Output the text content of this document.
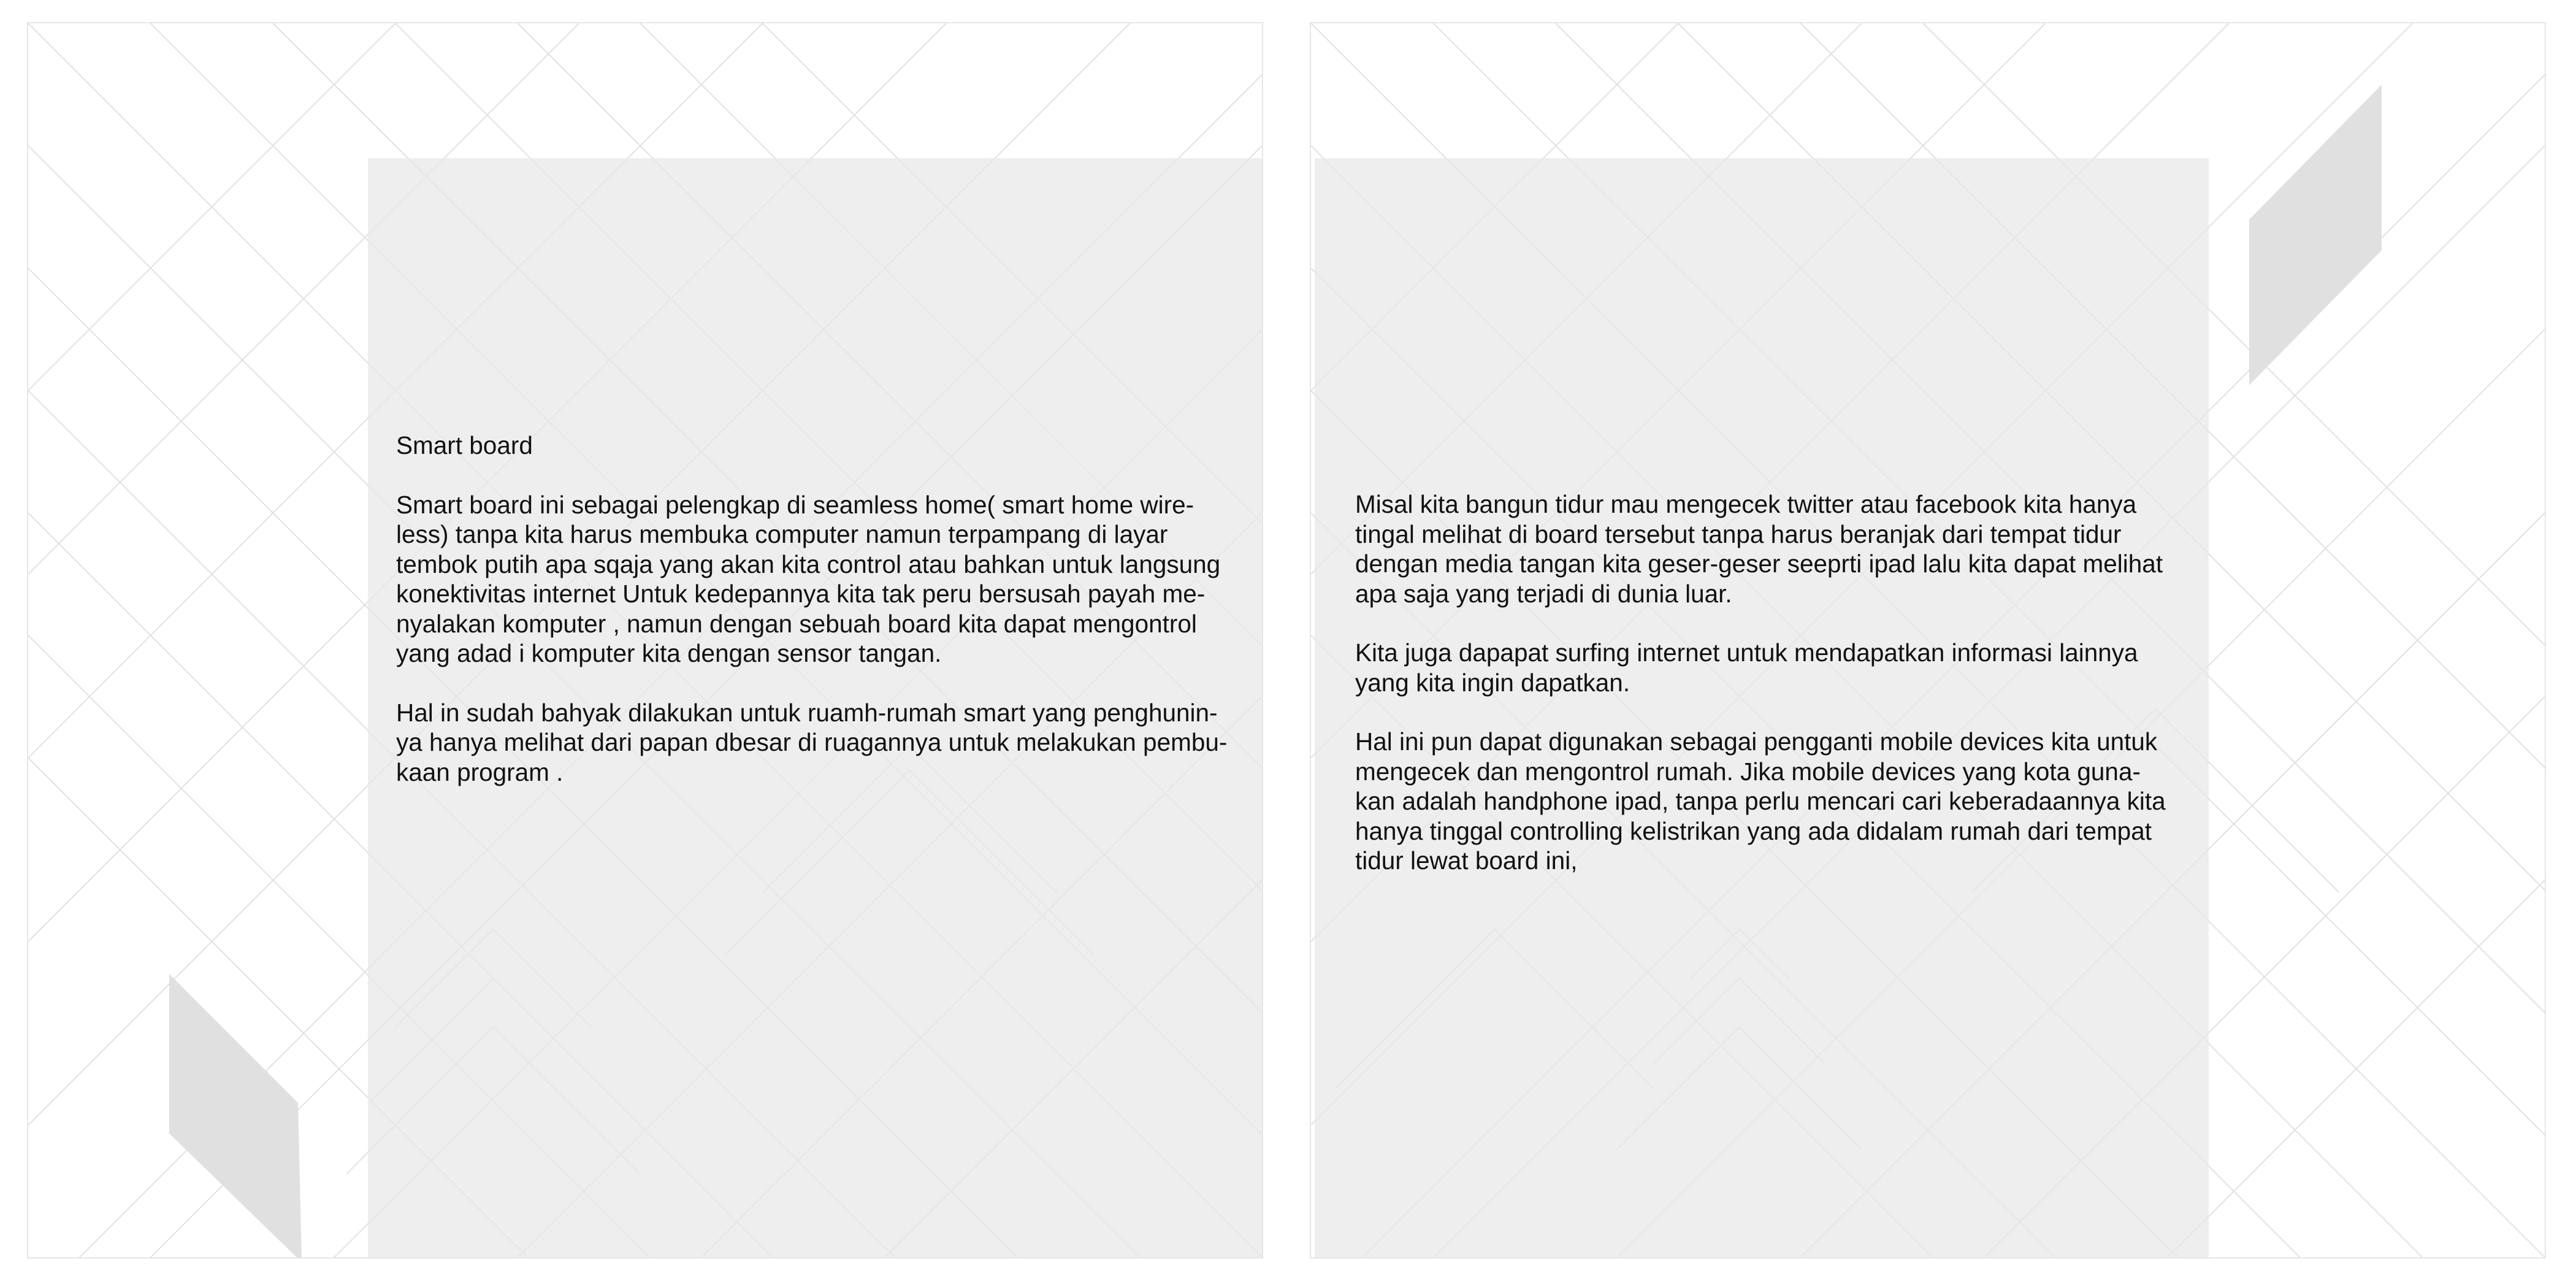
Smart board

Smart board ini sebagai pelengkap di seamless home( smart home wire-
less) tanpa kita harus membuka computer namun terpampang di layar
tembok putih apa sqaja yang akan kita control atau bahkan untuk langsung
konektivitas internet Untuk kedepannya kita tak peru bersusah payah me-
nyalakan komputer , namun dengan sebuah board kita dapat mengontrol
yang adad i komputer kita dengan sensor tangan.

Hal in sudah bahyak dilakukan untuk ruamh-rumah smart yang penghunin-
ya hanya melihat dari papan dbesar di ruagannya untuk melakukan pembu-
kaan program .

Misal kita bangun tidur mau mengecek twitter atau facebook kita hanya
tingal melihat di board tersebut tanpa harus beranjak dari tempat tidur
dengan media tangan kita geser-geser seeprti ipad lalu kita dapat melihat
apa saja yang terjadi di dunia luar.

Kita juga dapapat surfing internet untuk mendapatkan informasi lainnya
yang kita ingin dapatkan.

Hal ini pun dapat digunakan sebagai pengganti mobile devices kita untuk
mengecek dan mengontrol rumah. Jika mobile devices yang kota guna-
kan adalah handphone ipad, tanpa perlu mencari cari keberadaannya kita
hanya tinggal controlling kelistrikan yang ada didalam rumah dari tempat
tidur lewat board ini,
